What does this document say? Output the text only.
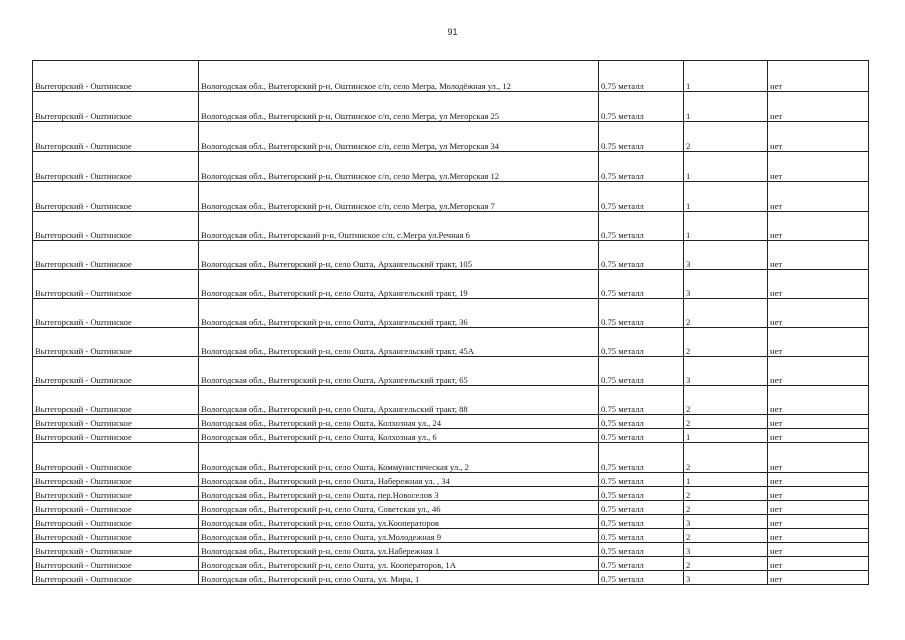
91
Вытегорский - Оштинское	Вологодская обл., Вытегорский р-н, Оштинское с/п, село Мегра, Молодёжная ул., 12	0.75 металл	1	нет
Вытегорский - Оштинское	Вологодская обл., Вытегорский р-н, Оштинское с/п, село Мегра, ул Мегорская 25	0.75 металл	1	нет
Вытегорский - Оштинское	Вологодская обл., Вытегорский р-н, Оштинское с/п, село Мегра, ул Мегорская 34	0.75 металл	2	нет
Вытегорский - Оштинское	Вологодская обл., Вытегорский р-н, Оштинское с/п, село Мегра, ул.Мегорская 12	0.75 металл	1	нет
Вытегорский - Оштинское	Вологодская обл., Вытегорский р-н, Оштинское с/п, село Мегра, ул.Мегорская 7	0.75 металл	1	нет
Вытегорский - Оштинское	Вологодская обл., Вытегорскаий р-н, Оштинское с/п, с.Мегра ул.Речная 6	0.75 металл	1	нет
Вытегорский - Оштинское	Вологодская обл., Вытегорский р-н, село Ошта, Архангельский тракт, 105	0.75 металл	3	нет
Вытегорский - Оштинское	Вологодская обл., Вытегорский р-н, село Ошта, Архангельский тракт, 19	0.75 металл	3	нет
Вытегорский - Оштинское	Вологодская обл., Вытегорский р-н, село Ошта, Архангельский тракт, 36	0.75 металл	2	нет
Вытегорский - Оштинское	Вологодская обл., Вытегорский р-н, село Ошта, Архангельский тракт, 45А	0.75 металл	2	нет
Вытегорский - Оштинское	Вологодская обл., Вытегорский р-н, село Ошта, Архангельский тракт, 65	0.75 металл	3	нет
Вытегорский - Оштинское	Вологодская обл., Вытегорский р-н, село Ошта, Архангельский тракт, 88	0.75 металл	2	нет
Вытегорский - Оштинское	Вологодская обл., Вытегорский р-н, село Ошта, Колхозная ул., 24	0.75 металл	2	нет
Вытегорский - Оштинское	Вологодская обл., Вытегорский р-н, село Ошта, Колхозная ул., 6	0.75 металл	1	нет
Вытегорский - Оштинское	Вологодская обл., Вытегорский р-н, село Ошта, Коммунистическая ул., 2	0.75 металл	2	нет
Вытегорский - Оштинское	Вологодская обл., Вытегорский р-н, село Ошта, Набережная ул. , 34	0.75 металл	1	нет
Вытегорский - Оштинское	Вологодская обл., Вытегорский р-н, село Ошта, пер.Новоселов 3	0.75 металл	2	нет
Вытегорский - Оштинское	Вологодская обл., Вытегорский р-н, село Ошта, Советская ул., 46	0.75 металл	2	нет
Вытегорский - Оштинское	Вологодская обл., Вытегорский р-н, село Ошта, ул.Кооператоров	0.75 металл	3	нет
Вытегорский - Оштинское	Вологодская обл., Вытегорский р-н, село Ошта, ул.Молодежная 9	0.75 металл	2	нет
Вытегорский - Оштинское	Вологодская обл., Вытегорский р-н, село Ошта, ул.Набережная 1	0.75 металл	3	нет
Вытегорский - Оштинское	Вологодская обл., Вытегорский р-н, село Ошта, ул. Кооператоров, 1А	0.75 металл	2	нет
Вытегорский - Оштинское	Вологодская обл., Вытегорский р-н, село Ошта, ул. Мира, 1	0.75 металл	3	нет
